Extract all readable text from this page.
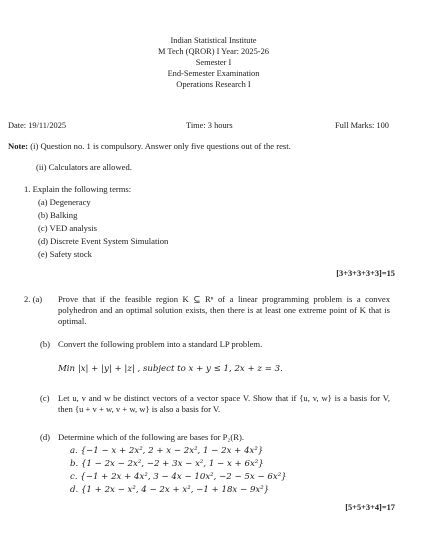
Indian Statistical Institute
M Tech (QROR) I Year: 2025-26
Semester I
End-Semester Examination
Operations Research I
Date: 19/11/2025	Time: 3 hours	Full Marks: 100
Note: (i) Question no. 1 is compulsory. Answer only five questions out of the rest.
(ii) Calculators are allowed.
1. Explain the following terms:
(a) Degeneracy
(b) Balking
(c) VED analysis
(d) Discrete Event System Simulation
(e) Safety stock
[3+3+3+3+3]=15
2. (a) Prove that if the feasible region K ⊆ Rⁿ of a linear programming problem is a convex polyhedron and an optimal solution exists, then there is at least one extreme point of K that is optimal.
(b) Convert the following problem into a standard LP problem.
Min |x| + |y| + |z| , subject to x + y ≤ 1, 2x + z = 3.
(c) Let u, v and w be distinct vectors of a vector space V. Show that if {u, v, w} is a basis for V, then {u + v + w, v + w, w} is also a basis for V.
(d) Determine which of the following are bases for P₂(R).
a. {−1 − x + 2x², 2 + x − 2x², 1 − 2x + 4x²}
b. {1 − 2x − 2x², −2 + 3x − x², 1 − x + 6x²}
c. {−1 + 2x + 4x², 3 − 4x − 10x², −2 − 5x − 6x²}
d. {1 + 2x − x², 4 − 2x + x², −1 + 18x − 9x²}
[5+5+3+4]=17
